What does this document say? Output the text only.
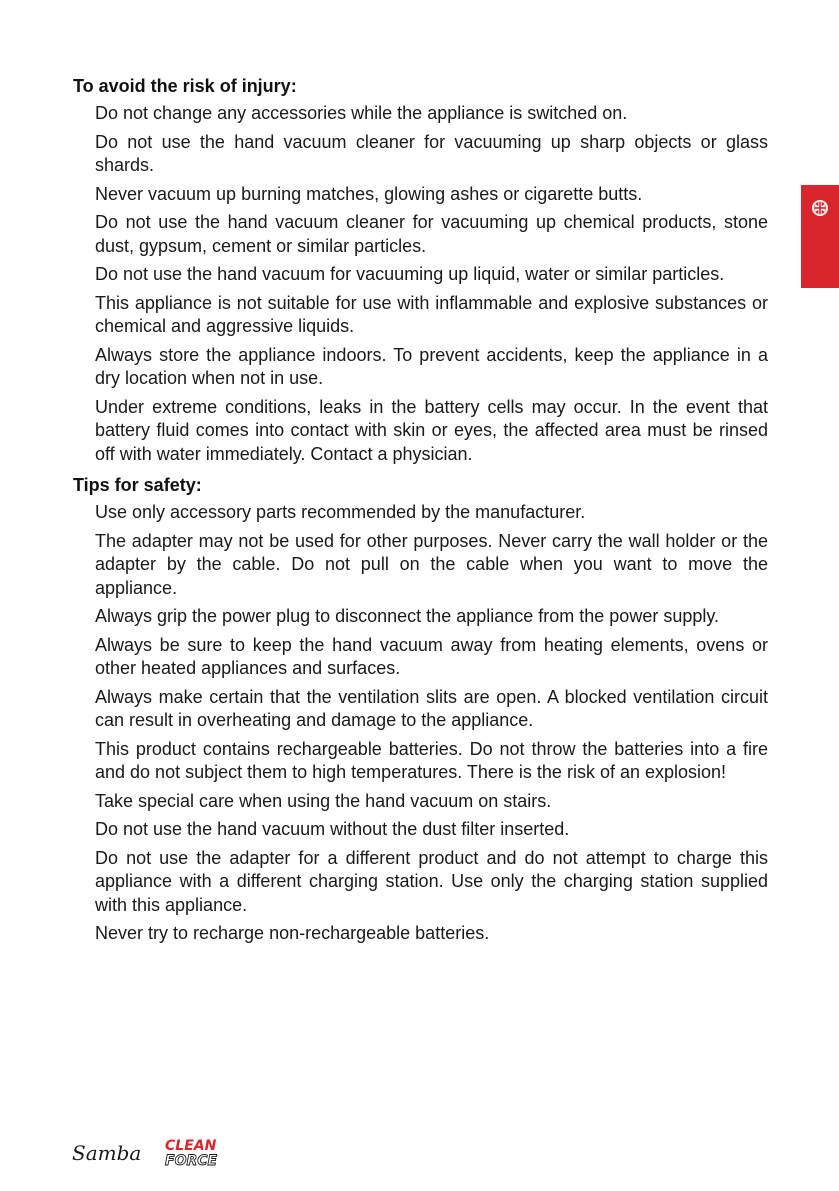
To avoid the risk of injury:
Do not change any accessories while the appliance is switched on.
Do not use the hand vacuum cleaner for vacuuming up sharp objects or glass shards.
Never vacuum up burning matches, glowing ashes or cigarette butts.
Do not use the hand vacuum cleaner for vacuuming up chemical products, stone dust, gypsum, cement or similar particles.
Do not use the hand vacuum for vacuuming up liquid, water or similar particles.
This appliance is not suitable for use with inflammable and explosive substances or chemical and aggressive liquids.
Always store the appliance indoors. To prevent accidents, keep the appliance in a dry location when not in use.
Under extreme conditions, leaks in the battery cells may occur. In the event that battery fluid comes into contact with skin or eyes, the affected area must be rinsed off with water immediately. Contact a physician.
Tips for safety:
Use only accessory parts recommended by the manufacturer.
The adapter may not be used for other purposes. Never carry the wall holder or the adapter by the cable. Do not pull on the cable when you want to move the appliance.
Always grip the power plug to disconnect the appliance from the power supply.
Always be sure to keep the hand vacuum away from heating elements, ovens or other heated appliances and surfaces.
Always make certain that the ventilation slits are open. A blocked ventilation circuit can result in overheating and damage to the appliance.
This product contains rechargeable batteries. Do not throw the batteries into a fire and do not subject them to high temperatures. There is the risk of an explosion!
Take special care when using the hand vacuum on stairs.
Do not use the hand vacuum without the dust filter inserted.
Do not use the adapter for a different product and do not attempt to charge this appliance with a different charging station. Use only the charging station supplied with this appliance.
Never try to recharge non-rechargeable batteries.
Samba CLEAN
FORCE
